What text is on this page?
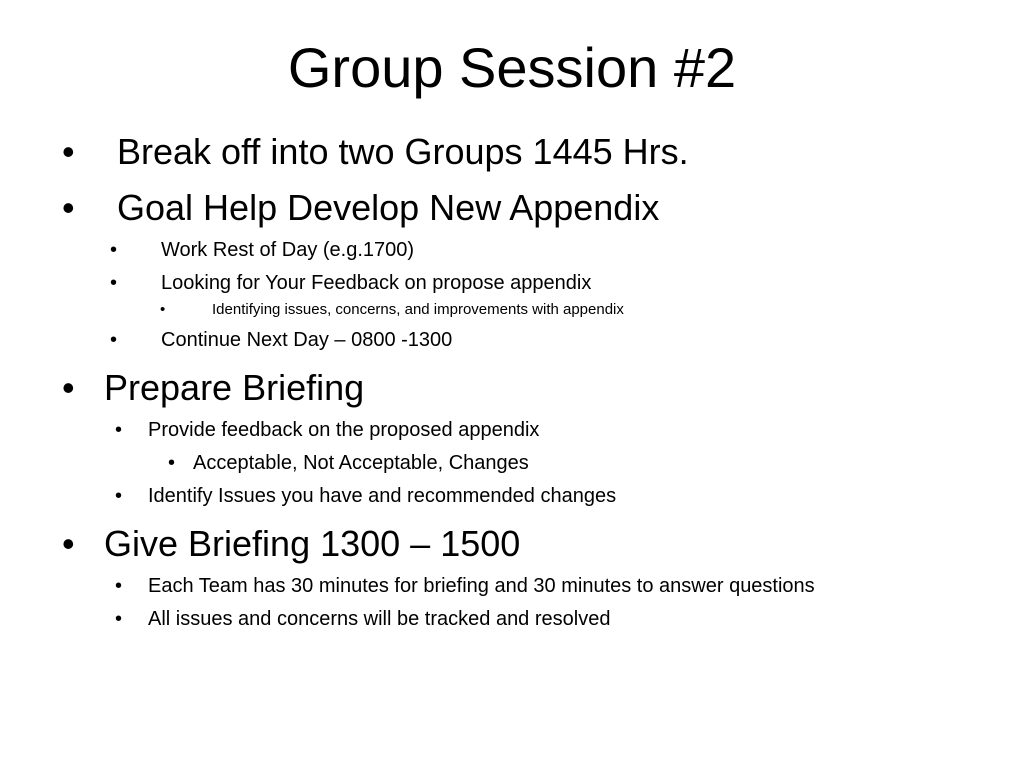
Group Session #2
• Break off into two Groups 1445 Hrs.
• Goal Help Develop New Appendix
• Work Rest of Day (e.g.1700)
• Looking for Your Feedback on propose appendix
•	Identifying issues, concerns, and improvements with appendix
• Continue Next Day – 0800 -1300
• Prepare Briefing
• Provide feedback on the proposed appendix
• Acceptable, Not Acceptable, Changes
• Identify Issues you have and recommended changes
• Give Briefing 1300 – 1500
• Each Team has 30 minutes for briefing and 30 minutes to answer questions
• All issues and concerns will be tracked and resolved
